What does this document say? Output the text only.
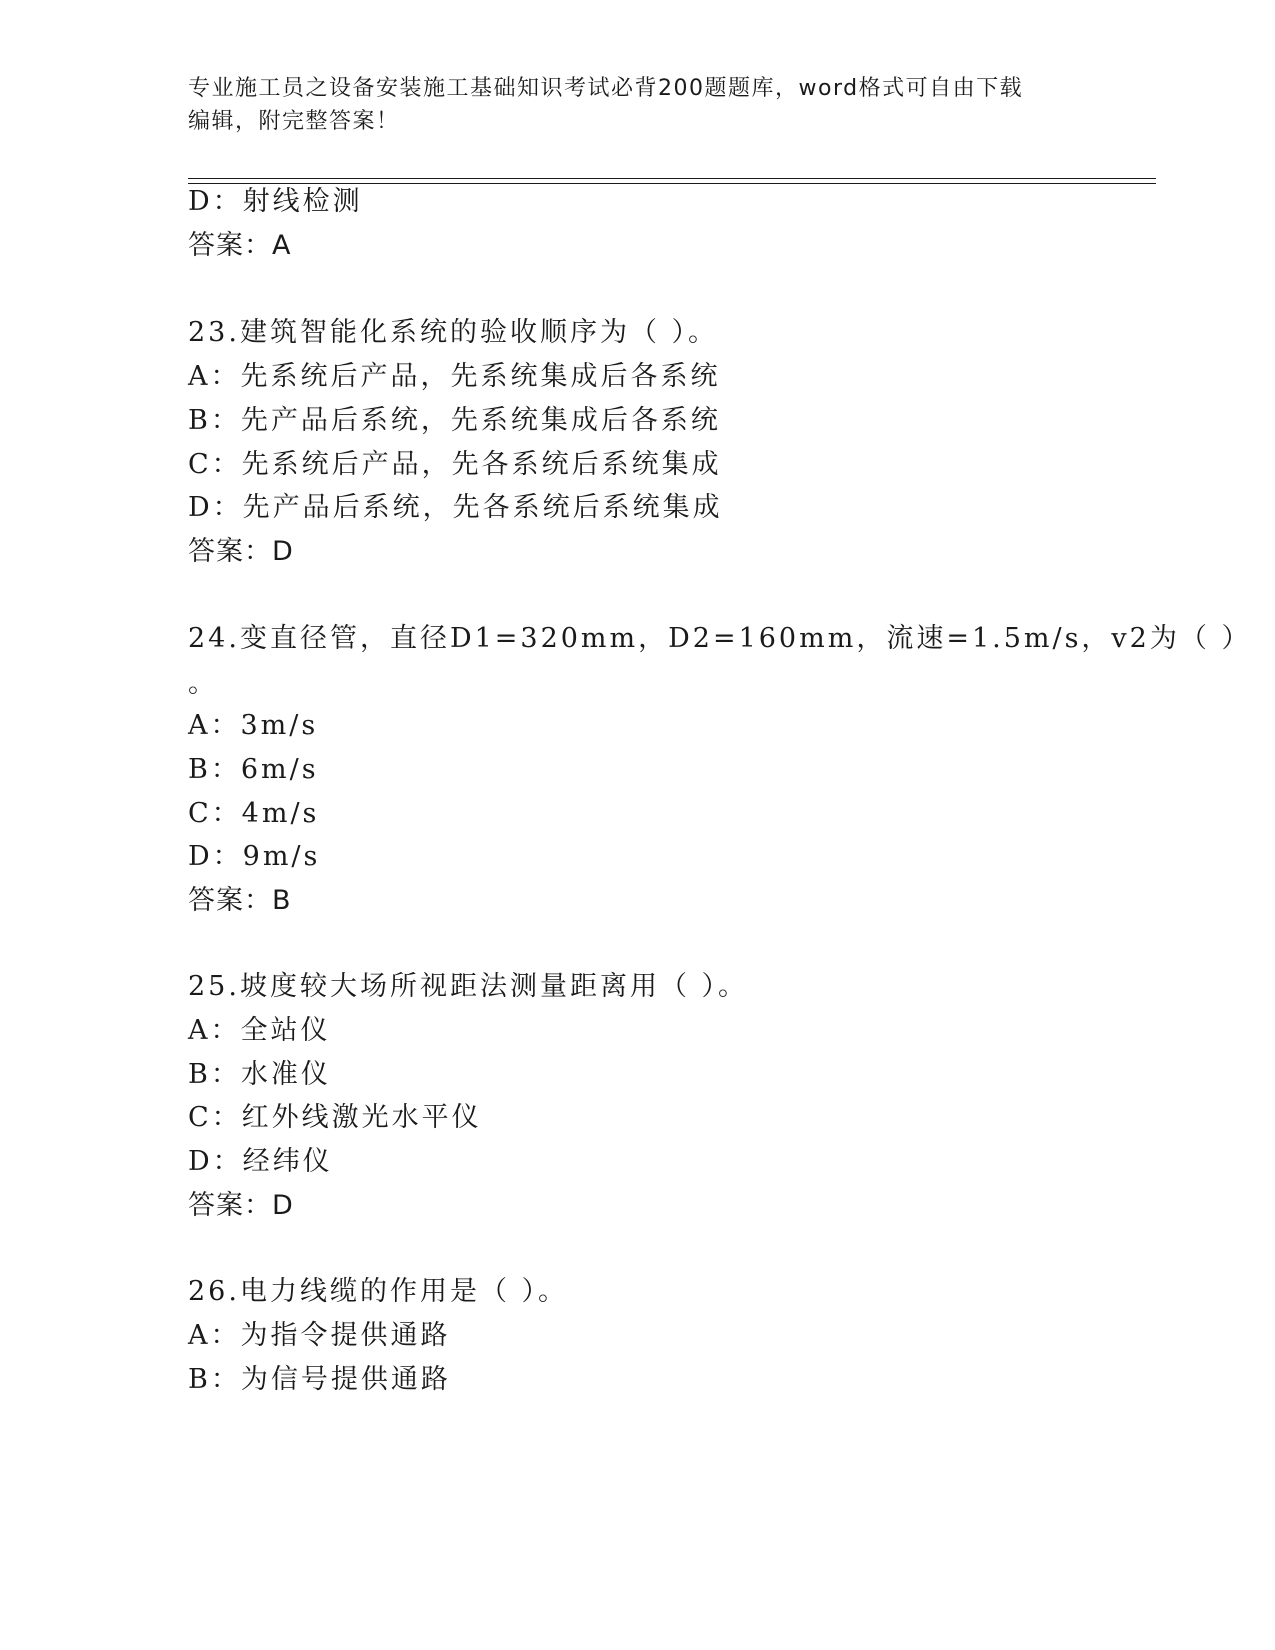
专业施工员之设备安装施工基础知识考试必背200题题库，word格式可自由下载
编辑，附完整答案！
D：射线检测
答案：A
23.建筑智能化系统的验收顺序为（ ）。
A：先系统后产品，先系统集成后各系统
B：先产品后系统，先系统集成后各系统
C：先系统后产品，先各系统后系统集成
D：先产品后系统，先各系统后系统集成
答案：D
24.变直径管，直径D1=320mm，D2=160mm，流速=1.5m/s，v2为（ ）
。
A：3m/s
B：6m/s
C：4m/s
D：9m/s
答案：B
25.坡度较大场所视距法测量距离用（ ）。
A：全站仪
B：水准仪
C：红外线激光水平仪
D：经纬仪
答案：D
26.电力线缆的作用是（ ）。
A：为指令提供通路
B：为信号提供通路
